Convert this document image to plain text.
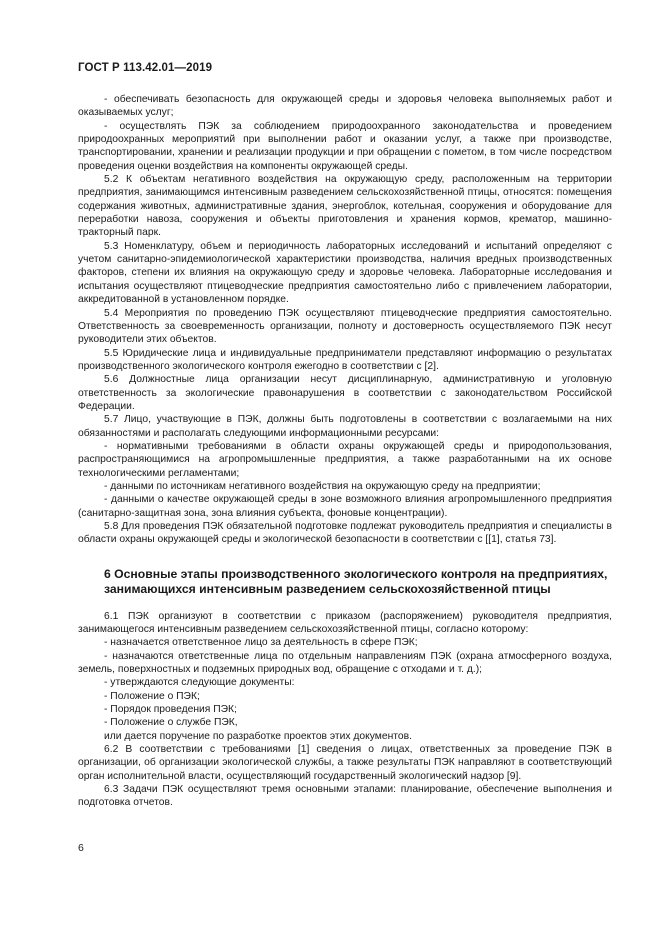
ГОСТ Р 113.42.01—2019

- обеспечивать безопасность для окружающей среды и здоровья человека выполняемых работ и оказываемых услуг;

- осуществлять ПЭК за соблюдением природоохранного законодательства и проведением природоохранных мероприятий при выполнении работ и оказании услуг, а также при производстве, транспортировании, хранении и реализации продукции и при обращении с пометом, в том числе посредством проведения оценки воздействия на компоненты окружающей среды.

5.2 К объектам негативного воздействия на окружающую среду, расположенным на территории предприятия, занимающимся интенсивным разведением сельскохозяйственной птицы, относятся: помещения содержания животных, административные здания, энергоблок, котельная, сооружения и оборудование для переработки навоза, сооружения и объекты приготовления и хранения кормов, крематор, машинно-тракторный парк.

5.3 Номенклатуру, объем и периодичность лабораторных исследований и испытаний определяют с учетом санитарно-эпидемиологической характеристики производства, наличия вредных производственных факторов, степени их влияния на окружающую среду и здоровье человека. Лабораторные исследования и испытания осуществляют птицеводческие предприятия самостоятельно либо с привлечением лаборатории, аккредитованной в установленном порядке.

5.4 Мероприятия по проведению ПЭК осуществляют птицеводческие предприятия самостоятельно. Ответственность за своевременность организации, полноту и достоверность осуществляемого ПЭК несут руководители этих объектов.

5.5 Юридические лица и индивидуальные предприниматели представляют информацию о результатах производственного экологического контроля ежегодно в соответствии с [2].

5.6 Должностные лица организации несут дисциплинарную, административную и уголовную ответственность за экологические правонарушения в соответствии с законодательством Российской Федерации.

5.7 Лицо, участвующие в ПЭК, должны быть подготовлены в соответствии с возлагаемыми на них обязанностями и располагать следующими информационными ресурсами:

- нормативными требованиями в области охраны окружающей среды и природопользования, распространяющимися на агропромышленные предприятия, а также разработанными на их основе технологическими регламентами;

- данными по источникам негативного воздействия на окружающую среду на предприятии;

- данными о качестве окружающей среды в зоне возможного влияния агропромышленного предприятия (санитарно-защитная зона, зона влияния субъекта, фоновые концентрации).

5.8 Для проведения ПЭК обязательной подготовке подлежат руководитель предприятия и специалисты в области охраны окружающей среды и экологической безопасности в соответствии с [[1], статья 73].

6 Основные этапы производственного экологического контроля на предприятиях, занимающихся интенсивным разведением сельскохозяйственной птицы

6.1 ПЭК организуют в соответствии с приказом (распоряжением) руководителя предприятия, занимающегося интенсивным разведением сельскохозяйственной птицы, согласно которому:

- назначается ответственное лицо за деятельность в сфере ПЭК;

- назначаются ответственные лица по отдельным направлениям ПЭК (охрана атмосферного воздуха, земель, поверхностных и подземных природных вод, обращение с отходами и т. д.);

- утверждаются следующие документы:

- Положение о ПЭК;

- Порядок проведения ПЭК;

- Положение о службе ПЭК,

или дается поручение по разработке проектов этих документов.

6.2 В соответствии с требованиями [1] сведения о лицах, ответственных за проведение ПЭК в организации, об организации экологической службы, а также результаты ПЭК направляют в соответствующий орган исполнительной власти, осуществляющий государственный экологический надзор [9].

6.3 Задачи ПЭК осуществляют тремя основными этапами: планирование, обеспечение выполнения и подготовка отчетов.

6
